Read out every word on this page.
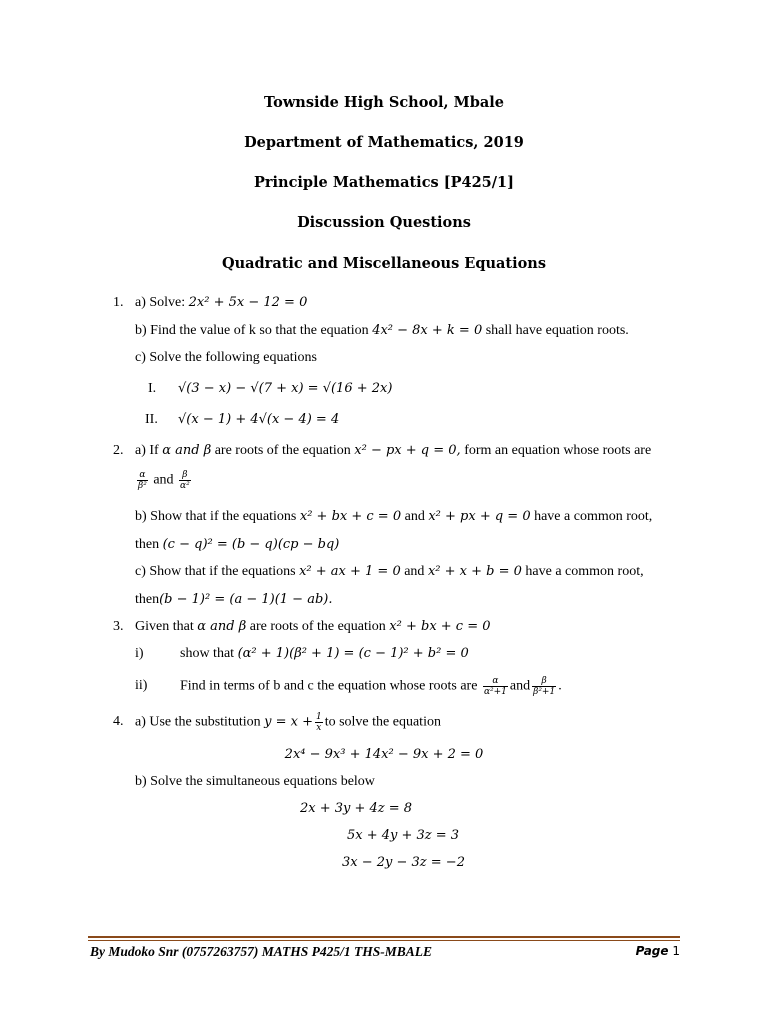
Townside High School, Mbale
Department of Mathematics, 2019
Principle Mathematics [P425/1]
Discussion Questions
Quadratic and Miscellaneous Equations
1. a) Solve: 2x² + 5x − 12 = 0
b) Find the value of k so that the equation 4x² − 8x + k = 0 shall have equation roots.
c) Solve the following equations
I. √(3 − x) − √(7 + x) = √(16 + 2x)
II. √(x − 1) + 4√(x − 4) = 4
2. a) If α and β are roots of the equation x² − px + q = 0, form an equation whose roots are
$\frac{\alpha}{\text{β²}}$ and $\frac{\beta}{\text{α²}}$
b) Show that if the equations x² + bx + c = 0 and x² + px + q = 0 have a common root,
then (c − q)² = (b − q)(cp − bq)
c) Show that if the equations x² + ax + 1 = 0 and x² + x + b = 0 have a common root,
then(b − 1)² = (a − 1)(1 − ab).
3. Given that α and β are roots of the equation x² + bx + c = 0
i)	show that (α² + 1)(β² + 1) = (c − 1)² + b² = 0
ii) Find in terms of b and c the equation whose roots are $\frac{\alpha}{\text{α²+1}}$ and $\frac{\beta}{\text{β²+1}}$ .
4. a) Use the substitution $y = x + \frac{1}{x}$ to solve the equation
2x⁴ − 9x³ + 14x² − 9x + 2 = 0
b) Solve the simultaneous equations below
2x + 3y + 4z = 8
5x + 4y + 3z = 3
3x − 2y − 3z = −2
By Mudoko Snr (0757263757) MATHS P425/1 THS-MBALE	Page 1
